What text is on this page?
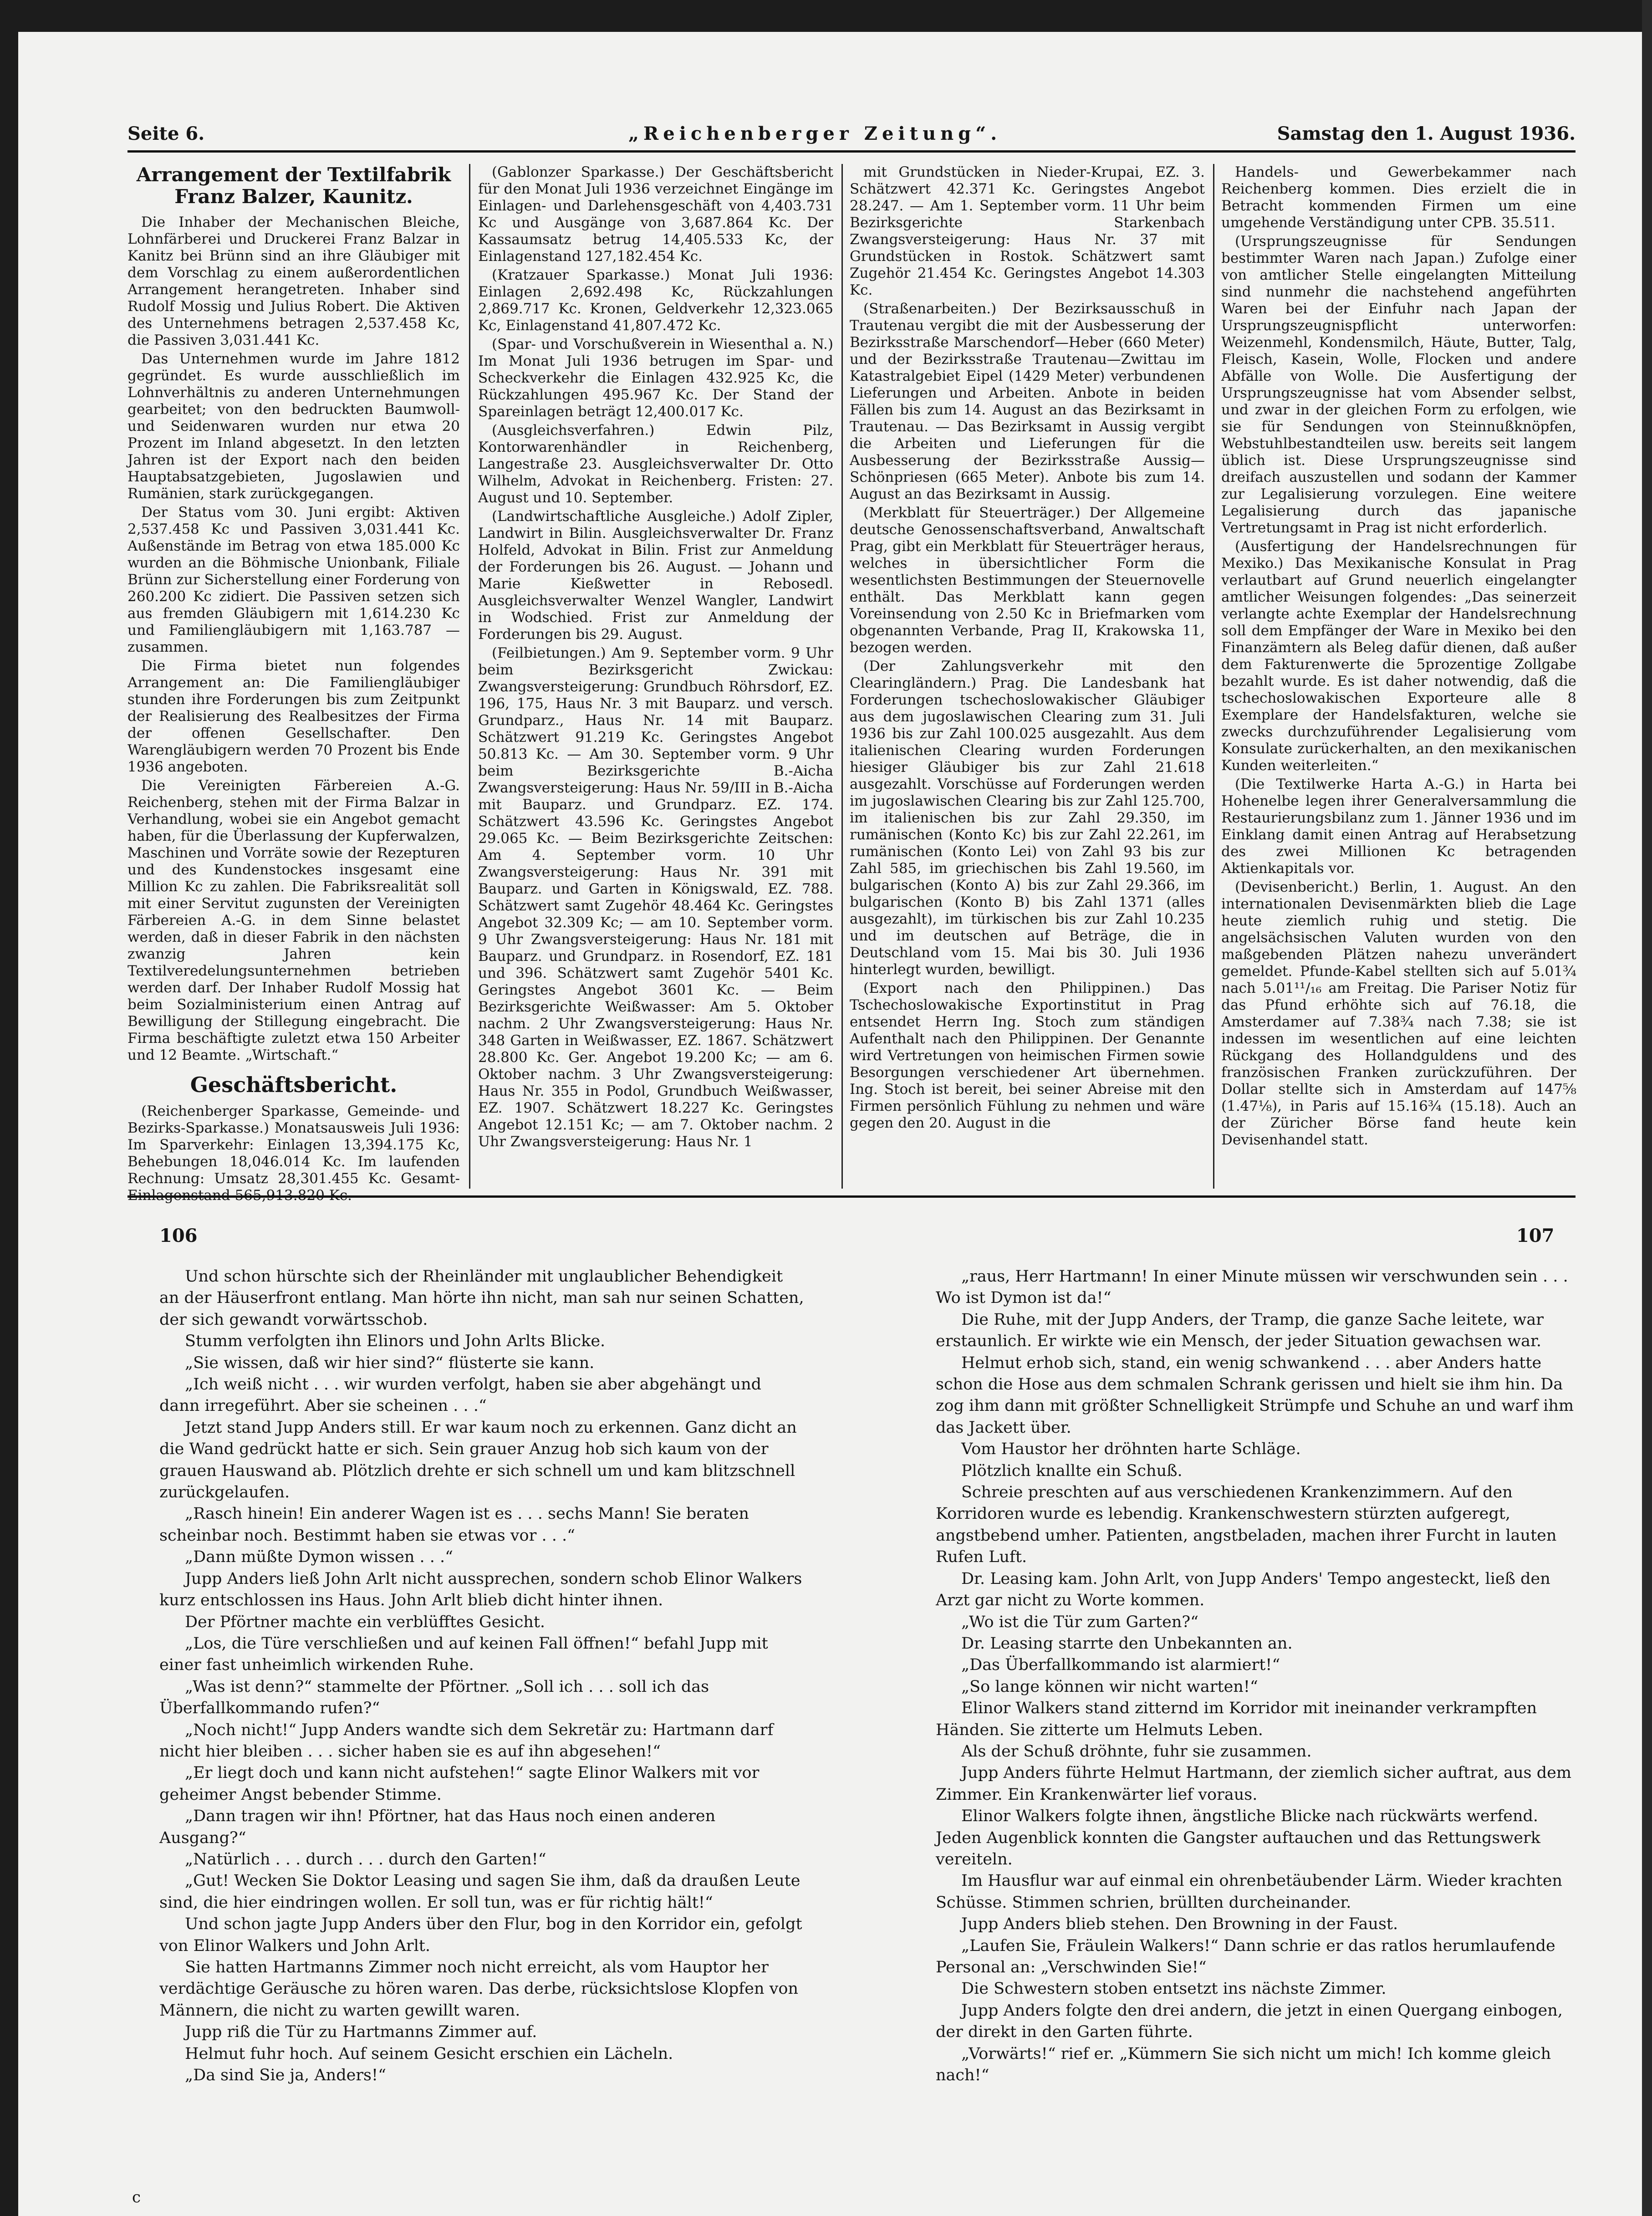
Seite 6.	„Reichenberger Zeitung“.	Samstag den 1. August 1936.
Arrangement der Textilfabrik Franz Balzer, Kaunitz.

Die Inhaber der Mechanischen Bleiche, Lohnfärberei und Druckerei Franz Balzar in Kanitz bei Brünn sind an ihre Gläubiger mit dem Vorschlag zu einem außerordentlichen Arrangement herangetreten. Inhaber sind Rudolf Mossig und Julius Robert. Die Aktiven des Unternehmens betragen 2,537.458 Kc, die Passiven 3,031.441 Kc.

Das Unternehmen wurde im Jahre 1812 gegründet. Es wurde ausschließlich im Lohnverhältnis zu anderen Unternehmungen gearbeitet; von den bedruckten Baumwoll- und Seidenwaren wurden nur etwa 20 Prozent im Inland abgesetzt. In den letzten Jahren ist der Export nach den beiden Hauptabsatzgebieten, Jugoslawien und Rumänien, stark zurückgegangen.

Der Status vom 30. Juni ergibt: Aktiven 2,537.458 Kc und Passiven 3,031.441 Kc. Außenstände im Betrag von etwa 185.000 Kc wurden an die Böhmische Unionbank, Filiale Brünn zur Sicherstellung einer Forderung von 260.200 Kc zidiert. Die Passiven setzen sich aus fremden Gläubigern mit 1,614.230 Kc und Familiengläubigern mit 1,163.787 — zusammen.

Die Firma bietet nun folgendes Arrangement an: Die Familiengläubiger stunden ihre Forderungen bis zum Zeitpunkt der Realisierung des Realbesitzes der Firma der offenen Gesellschafter. Den Warengläubigern werden 70 Prozent bis Ende 1936 angeboten.

Die Vereinigten Färbereien A.-G. Reichenberg, stehen mit der Firma Balzar in Verhandlung, wobei sie ein Angebot gemacht haben, für die Überlassung der Kupferwalzen, Maschinen und Vorräte sowie der Rezepturen und des Kundenstockes insgesamt eine Million Kc zu zahlen. Die Fabriksrealität soll mit einer Servitut zugunsten der Vereinigten Färbereien A.-G. in dem Sinne belastet werden, daß in dieser Fabrik in den nächsten zwanzig Jahren kein Textilveredelungsunternehmen betrieben werden darf. Der Inhaber Rudolf Mossig hat beim Sozialministerium einen Antrag auf Bewilligung der Stillegung eingebracht. Die Firma beschäftigte zuletzt etwa 150 Arbeiter und 12 Beamte. „Wirtschaft.“

Geschäftsbericht.

(Reichenberger Sparkasse, Gemeinde- und Bezirks-Sparkasse.) Monatsausweis Juli 1936: Im Sparverkehr: Einlagen 13,394.175 Kc, Behebungen 18,046.014 Kc. Im laufenden Rechnung: Umsatz 28,301.455 Kc. Gesamt-

(Gablonzer Sparkasse.) Der Geschäftsbericht für den Monat Juli 1936 verzeichnet Eingänge im Einlagen- und Darlehensgeschäft von 4,403.731 Kc und Ausgänge von 3,687.864 Kc. Der Kassaumsatz betrug 14,405.533 Kc, der Einlagenstand 127,182.454 Kc.

(Kratzauer Sparkasse.) Monat Juli 1936: Einlagen 2,692.498 Kc, Rückzahlungen 2,869.717 Kc. Kronen, Geldverkehr 12,323.065 Kc, Einlagenstand 41,807.472 Kc.

(Spar- und Vorschußverein in Wiesenthal a. N.) Im Monat Juli 1936 betrugen im Spar- und Scheckverkehr die Einlagen 432.925 Kc, die Rückzahlungen 495.967 Kc. Der Stand der Spareinlagen beträgt 12,400.017 Kc.

(Ausgleichsverfahren.) Edwin Pilz, Kontorwarenhändler in Reichenberg, Langestraße 23. Ausgleichsverwalter Dr. Otto Wilhelm, Advokat in Reichenberg. Fristen: 27. August und 10. September.

(Landwirtschaftliche Ausgleiche.) Adolf Zipler, Landwirt in Bilin. Ausgleichsverwalter Dr. Franz Holfeld, Advokat in Bilin. Frist zur Anmeldung der Forderungen bis 26. August. — Johann und Marie Kießwetter in Rebosedl. Ausgleichsverwalter Wenzel Wangler, Landwirt in Wodschied. Frist zur Anmeldung der Forderungen bis 29. August.

(Feilbietungen.) Am 9. September vorm. 9 Uhr beim Bezirksgericht Zwickau: Zwangsversteigerung: Grundbuch Röhrsdorf, EZ. 196, 175, Haus Nr. 3 mit Bauparz. und versch. Grundparz., Haus Nr. 14 mit Bauparz. Schätzwert 91.219 Kc. Geringstes Angebot 50.813 Kc. — Am 30. September vorm. 9 Uhr beim Bezirksgerichte B.-Aicha Zwangsversteigerung: Haus Nr. 59/III in B.-Aicha mit Bauparz. und Grundparz. EZ. 174. Schätzwert 43.596 Kc. Geringstes Angebot 29.065 Kc. — Beim Bezirksgerichte Zeitschen: Am 4. September vorm. 10 Uhr Zwangsversteigerung: Haus Nr. 391 mit Bauparz. und Garten in Königswald, EZ. 788. Schätzwert samt Zugehör 48.464 Kc. Geringstes Angebot 32.309 Kc; — am 10. September vorm. 9 Uhr Zwangsversteigerung: Haus Nr. 181 mit Bauparz. und Grundparz. in Rosendorf, EZ. 181 und 396. Schätzwert samt Zugehör 5401 Kc. Geringstes Angebot 3601 Kc. — Beim Bezirksgerichte Weißwasser: Am 5. Oktober nachm. 2 Uhr Zwangsversteigerung: Haus Nr. 348 Garten in Weißwasser, EZ. 1867. Schätzwert 28.800 Kc. Ger. Angebot 19.200 Kc; — am 6. Oktober nachm. 3 Uhr Zwangsversteigerung: Haus Nr. 355 in Podol, Grundbuch Weißwasser, EZ. 1907. Schätzwert 18.227 Kc. Geringstes Angebot 12.151 Kc; — am 7. Oktober nachm. 2 Uhr Zwangsversteigerung: Haus Nr. 1

mit Grundstücken in Nieder-Krupai, EZ. 3. Schätzwert 42.371 Kc. Geringstes Angebot 28.247. — Am 1. September vorm. 11 Uhr beim Bezirksgerichte Starkenbach Zwangsversteigerung: Haus Nr. 37 mit Grundstücken in Rostok. Schätzwert samt Zugehör 21.454 Kc. Geringstes Angebot 14.303 Kc.

(Straßenarbeiten.) Der Bezirksausschuß in Trautenau vergibt die mit der Ausbesserung der Bezirksstraße Marschendorf—Heber (660 Meter) und der Bezirksstraße Trautenau—Zwittau im Katastralgebiet Eipel (1429 Meter) verbundenen Lieferungen und Arbeiten. Anbote in beiden Fällen bis zum 14. August an das Bezirksamt in Trautenau. — Das Bezirksamt in Aussig vergibt die Arbeiten und Lieferungen für die Ausbesserung der Bezirksstraße Aussig—Schönpriesen (665 Meter). Anbote bis zum 14. August an das Bezirksamt in Aussig.

(Merkblatt für Steuerträger.) Der Allgemeine deutsche Genossenschaftsverband, Anwaltschaft Prag, gibt ein Merkblatt für Steuerträger heraus, welches in übersichtlicher Form die wesentlichsten Bestimmungen der Steuernovelle enthält. Das Merkblatt kann gegen Voreinsendung von 2.50 Kc in Briefmarken vom obgenannten Verbande, Prag II, Krakowska 11, bezogen werden.

(Der Zahlungsverkehr mit den Clearingländern.) Prag. Die Landesbank hat Forderungen tschechoslowakischer Gläubiger aus dem jugoslawischen Clearing zum 31. Juli 1936 bis zur Zahl 100.025 ausgezahlt. Aus dem italienischen Clearing wurden Forderungen hiesiger Gläubiger bis zur Zahl 21.618 ausgezahlt. Vorschüsse auf Forderungen werden im jugoslawischen Clearing bis zur Zahl 125.700, im italienischen bis zur Zahl 29.350, im rumänischen (Konto Kc) bis zur Zahl 22.261, im rumänischen (Konto Lei) von Zahl 93 bis zur Zahl 585, im griechischen bis Zahl 19.560, im bulgarischen (Konto A) bis zur Zahl 29.366, im bulgarischen (Konto B) bis Zahl 1371 (alles ausgezahlt), im türkischen bis zur Zahl 10.235 und im deutschen auf Beträge, die in Deutschland vom 15. Mai bis 30. Juli 1936 hinterlegt wurden, bewilligt.

(Export nach den Philippinen.) Das Tschechoslowakische Exportinstitut in Prag entsendet Herrn Ing. Stoch zum ständigen Aufenthalt nach den Philippinen. Der Genannte wird Vertretungen von heimischen Firmen sowie Besorgungen verschiedener Art übernehmen. Ing. Stoch ist bereit, bei seiner Abreise mit den Firmen persönlich Fühlung zu nehmen und wäre gegen den 20. August in die

Handels- und Gewerbekammer nach Reichenberg kommen. Dies erzielt die in Betracht kommenden Firmen um eine umgehende Verständigung unter CPB. 35.511.

(Ursprungszeugnisse für Sendungen bestimmter Waren nach Japan.) Zufolge einer von amtlicher Stelle eingelangten Mitteilung sind nunmehr die nachstehend angeführten Waren bei der Einfuhr nach Japan der Ursprungszeugnispflicht unterworfen: Weizenmehl, Kondensmilch, Häute, Butter, Talg, Fleisch, Kasein, Wolle, Flocken und andere Abfälle von Wolle. Die Ausfertigung der Ursprungszeugnisse hat vom Absender selbst, und zwar in der gleichen Form zu erfolgen, wie sie für Sendungen von Steinnußknöpfen, Webstuhlbestandteilen usw. bereits seit langem üblich ist. Diese Ursprungszeugnisse sind dreifach auszustellen und sodann der Kammer zur Legalisierung vorzulegen. Eine weitere Legalisierung durch das japanische Vertretungsamt in Prag ist nicht erforderlich.

(Ausfertigung der Handelsrechnungen für Mexiko.) Das Mexikanische Konsulat in Prag verlautbart auf Grund neuerlich eingelangter amtlicher Weisungen folgendes: „Das seinerzeit verlangte achte Exemplar der Handelsrechnung soll dem Empfänger der Ware in Mexiko bei den Finanzämtern als Beleg dafür dienen, daß außer dem Fakturenwerte die 5prozentige Zollgabe bezahlt wurde. Es ist daher notwendig, daß die tschechoslowakischen Exporteure alle 8 Exemplare der Handelsfakturen, welche sie zwecks durchzuführender Legalisierung vom Konsulate zurückerhalten, an den mexikanischen Kunden weiterleiten.“

(Die Textilwerke Harta A.-G.) in Harta bei Hohenelbe legen ihrer Generalversammlung die Restaurierungsbilanz zum 1. Jänner 1936 und im Einklang damit einen Antrag auf Herabsetzung des zwei Millionen Kc betragenden Aktienkapitals vor.

(Devisenbericht.) Berlin, 1. August. An den internationalen Devisenmärkten blieb die Lage heute ziemlich ruhig und stetig. Die angelsächsischen Valuten wurden von den maßgebenden Plätzen nahezu unverändert gemeldet. Pfunde-Kabel stellten sich auf 5.01¾ nach 5.01¹¹/₁₆ am Freitag. Die Pariser Notiz für das Pfund erhöhte sich auf 76.18, die Amsterdamer auf 7.38¾ nach 7.38; sie ist indessen im wesentlichen auf eine leichten Rückgang des Hollandguldens und des französischen Franken zurückzuführen. Der Dollar stellte sich in Amsterdam auf 147⅝ (1.47⅛), in Paris auf 15.16¾ (15.18). Auch an der Züricher Börse fand heute kein Devisenhandel statt.

106	107

Und schon hürschte sich der Rheinländer mit unglaublicher Behendigkeit an der Häuserfront entlang. Man hörte ihn nicht, man sah nur seinen Schatten, der sich gewandt vorwärtsschob.

Stumm verfolgten ihn Elinors und John Arlts Blicke.

„Sie wissen, daß wir hier sind?“ flüsterte sie kann.

„Ich weiß nicht . . . wir wurden verfolgt, haben sie aber abgehängt und dann irregeführt. Aber sie scheinen . . .“

Jetzt stand Jupp Anders still. Er war kaum noch zu erkennen. Ganz dicht an die Wand gedrückt hatte er sich. Sein grauer Anzug hob sich kaum von der grauen Hauswand ab. Plötzlich drehte er sich schnell um und kam blitzschnell zurückgelaufen.

„Rasch hinein! Ein anderer Wagen ist es . . . sechs Mann! Sie beraten scheinbar noch. Bestimmt haben sie etwas vor . . .“

„Dann müßte Dymon wissen . . .“

Jupp Anders ließ John Arlt nicht aussprechen, sondern schob Elinor Walkers kurz entschlossen ins Haus. John Arlt blieb dicht hinter ihnen.

Der Pförtner machte ein verblüfftes Gesicht.

„Los, die Türe verschließen und auf keinen Fall öffnen!“ befahl Jupp mit einer fast unheimlich wirkenden Ruhe.

„Was ist denn?“ stammelte der Pförtner. „Soll ich . . . soll ich das Überfallkommando rufen?“

„Noch nicht!“ Jupp Anders wandte sich dem Sekretär zu: Hartmann darf nicht hier bleiben . . . sicher haben sie es auf ihn abgesehen!“

„Er liegt doch und kann nicht aufstehen!“ sagte Elinor Walkers mit vor geheimer Angst bebender Stimme.

„Dann tragen wir ihn! Pförtner, hat das Haus noch einen anderen Ausgang?“

„Natürlich . . . durch . . . durch den Garten!“

„Gut! Wecken Sie Doktor Leasing und sagen Sie ihm, daß da draußen Leute sind, die hier eindringen wollen. Er soll tun, was er für richtig hält!“

Und schon jagte Jupp Anders über den Flur, bog in den Korridor ein, gefolgt von Elinor Walkers und John Arlt.

Sie hatten Hartmanns Zimmer noch nicht erreicht, als vom Hauptor her verdächtige Geräusche zu hören waren. Das derbe, rücksichtslose Klopfen von Männern, die nicht zu warten gewillt waren.

Jupp riß die Tür zu Hartmanns Zimmer auf.

Helmut fuhr hoch. Auf seinem Gesicht erschien ein Lächeln.

„Da sind Sie ja, Anders!“

„raus, Herr Hartmann! In einer Minute müssen wir verschwunden sein . . . Wo ist Dymon ist da!“

Die Ruhe, mit der Jupp Anders, der Tramp, die ganze Sache leitete, war erstaunlich. Er wirkte wie ein Mensch, der jeder Situation gewachsen war.

Helmut erhob sich, stand, ein wenig schwankend . . . aber Anders hatte schon die Hose aus dem schmalen Schrank gerissen und hielt sie ihm hin. Da zog ihm dann mit größter Schnelligkeit Strümpfe und Schuhe an und warf ihm das Jackett über.

Vom Haustor her dröhnten harte Schläge.

Plötzlich knallte ein Schuß.

Schreie preschten auf aus verschiedenen Krankenzimmern. Auf den Korridoren wurde es lebendig. Krankenschwestern stürzten aufgeregt, angstbebend umher. Patienten, angstbeladen, machen ihrer Furcht in lauten Rufen Luft.

Dr. Leasing kam. John Arlt, von Jupp Anders' Tempo angesteckt, ließ den Arzt gar nicht zu Worte kommen.

„Wo ist die Tür zum Garten?“

Dr. Leasing starrte den Unbekannten an.

„Das Überfallkommando ist alarmiert!“

„So lange können wir nicht warten!“

Elinor Walkers stand zitternd im Korridor mit ineinander verkrampften Händen. Sie zitterte um Helmuts Leben.

Als der Schuß dröhnte, fuhr sie zusammen.

Jupp Anders führte Helmut Hartmann, der ziemlich sicher auftrat, aus dem Zimmer. Ein Krankenwärter lief voraus.

Elinor Walkers folgte ihnen, ängstliche Blicke nach rückwärts werfend. Jeden Augenblick konnten die Gangster auftauchen und das Rettungswerk vereiteln.

Im Hausflur war auf einmal ein ohrenbetäubender Lärm. Wieder krachten Schüsse. Stimmen schrien, brüllten durcheinander.

Jupp Anders blieb stehen. Den Browning in der Faust.

„Laufen Sie, Fräulein Walkers!“ Dann schrie er das ratlos herumlaufende Personal an: „Verschwinden Sie!“

Die Schwestern stoben entsetzt ins nächste Zimmer.

Jupp Anders folgte den drei andern, die jetzt in einen Quergang einbogen, der direkt in den Garten führte.

„Vorwärts!“ rief er. „Kümmern Sie sich nicht um mich! Ich komme gleich nach!“

c
